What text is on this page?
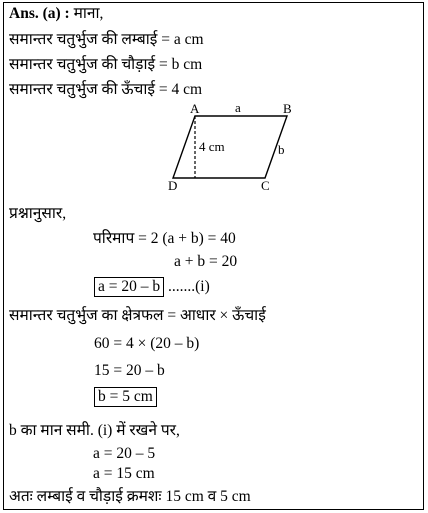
Ans. (a) : माना,
समान्तर चतुर्भुज की लम्बाई = a cm
समान्तर चतुर्भुज की चौड़ाई = b cm
समान्तर चतुर्भुज की ऊँचाई = 4 cm
A	B
C
D
a
b
4 cm
प्रश्नानुसार,
परिमाप = 2 (a + b) = 40
a + b = 20
a = 20 – b .......(i)
समान्तर चतुर्भुज का क्षेत्रफल = आधार × ऊँचाई
60 = 4 × (20 – b)
15 = 20 – b
b = 5 cm
b का मान समी. (i) में रखने पर,
a = 20 – 5
a = 15 cm
अतः लम्बाई व चौड़ाई क्रमशः 15 cm व 5 cm
